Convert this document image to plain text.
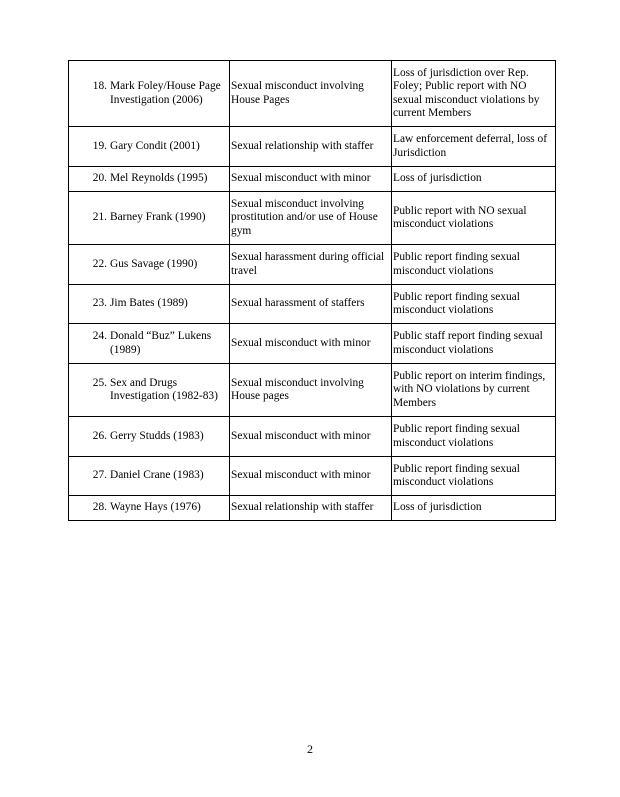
18. Mark Foley/House Page Investigation (2006)	Sexual misconduct involving House Pages	Loss of jurisdiction over Rep. Foley; Public report with NO sexual misconduct violations by current Members

19. Gary Condit (2001)	Sexual relationship with staffer	Law enforcement deferral, loss of Jurisdiction

20. Mel Reynolds (1995)	Sexual misconduct with minor	Loss of jurisdiction

21. Barney Frank (1990)	Sexual misconduct involving prostitution and/or use of House gym	Public report with NO sexual misconduct violations

22. Gus Savage (1990)	Sexual harassment during official travel	Public report finding sexual misconduct violations

23. Jim Bates (1989)	Sexual harassment of staffers	Public report finding sexual misconduct violations

24. Donald “Buz” Lukens (1989)	Sexual misconduct with minor	Public staff report finding sexual misconduct violations

25. Sex and Drugs Investigation (1982-83)	Sexual misconduct involving House pages	Public report on interim findings, with NO violations by current Members

26. Gerry Studds (1983)	Sexual misconduct with minor	Public report finding sexual misconduct violations

27. Daniel Crane (1983)	Sexual misconduct with minor	Public report finding sexual misconduct violations

28. Wayne Hays (1976)	Sexual relationship with staffer	Loss of jurisdiction
2
